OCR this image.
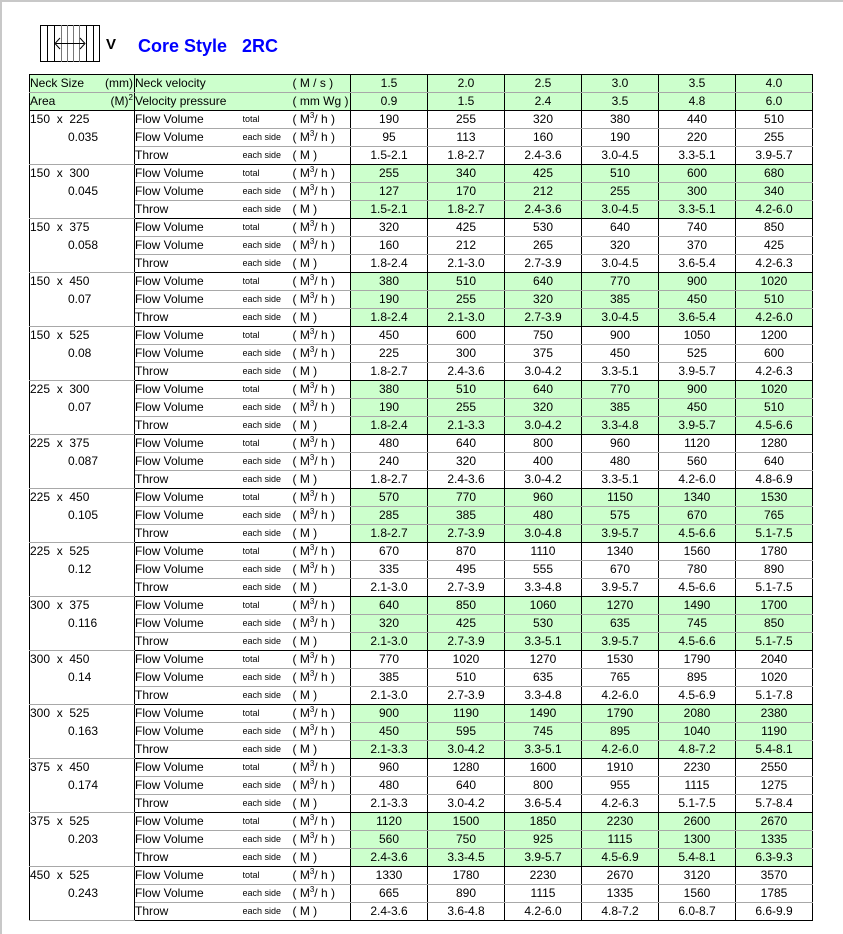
V Core Style   2RC
Neck Size (mm)	Neck velocity		( M / s )	1.5	2.0	2.5	3.0	3.5	4.0

Area $(M)^2$	Velocity pressure		( mm Wg )	0.9	1.5	2.4	3.5	4.8	6.0

150  x  225
0.035	Flow Volume	total	( $M^3/$ h )	190	255	320	380	440	510
	Flow Volume	each side	( $M^3/$ h )	95	113	160	190	220	255
	Throw	each side	( M )	1.5-2.1	1.8-2.7	2.4-3.6	3.0-4.5	3.3-5.1	3.9-5.7

150  x  300
0.045	Flow Volume	total	( $M^3/$ h )	255	340	425	510	600	680
	Flow Volume	each side	( $M^3/$ h )	127	170	212	255	300	340
	Throw	each side	( M )	1.5-2.1	1.8-2.7	2.4-3.6	3.0-4.5	3.3-5.1	4.2-6.0

150  x  375
0.058	Flow Volume	total	( $M^3/$ h )	320	425	530	640	740	850
	Flow Volume	each side	( $M^3/$ h )	160	212	265	320	370	425
	Throw	each side	( M )	1.8-2.4	2.1-3.0	2.7-3.9	3.0-4.5	3.6-5.4	4.2-6.3

150  x  450
0.07	Flow Volume	total	( $M^3/$ h )	380	510	640	770	900	1020
	Flow Volume	each side	( $M^3/$ h )	190	255	320	385	450	510
	Throw	each side	( M )	1.8-2.4	2.1-3.0	2.7-3.9	3.0-4.5	3.6-5.4	4.2-6.0

150  x  525
0.08	Flow Volume	total	( $M^3/$ h )	450	600	750	900	1050	1200
	Flow Volume	each side	( $M^3/$ h )	225	300	375	450	525	600
	Throw	each side	( M )	1.8-2.7	2.4-3.6	3.0-4.2	3.3-5.1	3.9-5.7	4.2-6.3

225  x  300
0.07	Flow Volume	total	( $M^3/$ h )	380	510	640	770	900	1020
	Flow Volume	each side	( $M^3/$ h )	190	255	320	385	450	510
	Throw	each side	( M )	1.8-2.4	2.1-3.3	3.0-4.2	3.3-4.8	3.9-5.7	4.5-6.6

225  x  375
0.087	Flow Volume	total	( $M^3/$ h )	480	640	800	960	1120	1280
	Flow Volume	each side	( $M^3/$ h )	240	320	400	480	560	640
	Throw	each side	( M )	1.8-2.7	2.4-3.6	3.0-4.2	3.3-5.1	4.2-6.0	4.8-6.9

225  x  450
0.105	Flow Volume	total	( $M^3/$ h )	570	770	960	1150	1340	1530
	Flow Volume	each side	( $M^3/$ h )	285	385	480	575	670	765
	Throw	each side	( M )	1.8-2.7	2.7-3.9	3.0-4.8	3.9-5.7	4.5-6.6	5.1-7.5

225  x  525
0.12	Flow Volume	total	( $M^3/$ h )	670	870	1110	1340	1560	1780
	Flow Volume	each side	( $M^3/$ h )	335	495	555	670	780	890
	Throw	each side	( M )	2.1-3.0	2.7-3.9	3.3-4.8	3.9-5.7	4.5-6.6	5.1-7.5

300  x  375
0.116	Flow Volume	total	( $M^3/$ h )	640	850	1060	1270	1490	1700
	Flow Volume	each side	( $M^3/$ h )	320	425	530	635	745	850
	Throw	each side	( M )	2.1-3.0	2.7-3.9	3.3-5.1	3.9-5.7	4.5-6.6	5.1-7.5

300  x  450
0.14	Flow Volume	total	( $M^3/$ h )	770	1020	1270	1530	1790	2040
	Flow Volume	each side	( $M^3/$ h )	385	510	635	765	895	1020
	Throw	each side	( M )	2.1-3.0	2.7-3.9	3.3-4.8	4.2-6.0	4.5-6.9	5.1-7.8

300  x  525
0.163	Flow Volume	total	( $M^3/$ h )	900	1190	1490	1790	2080	2380
	Flow Volume	each side	( $M^3/$ h )	450	595	745	895	1040	1190
	Throw	each side	( M )	2.1-3.3	3.0-4.2	3.3-5.1	4.2-6.0	4.8-7.2	5.4-8.1

375  x  450
0.174	Flow Volume	total	( $M^3/$ h )	960	1280	1600	1910	2230	2550
	Flow Volume	each side	( $M^3/$ h )	480	640	800	955	1115	1275
	Throw	each side	( M )	2.1-3.3	3.0-4.2	3.6-5.4	4.2-6.3	5.1-7.5	5.7-8.4

375  x  525
0.203	Flow Volume	total	( $M^3/$ h )	1120	1500	1850	2230	2600	2670
	Flow Volume	each side	( $M^3/$ h )	560	750	925	1115	1300	1335
	Throw	each side	( M )	2.4-3.6	3.3-4.5	3.9-5.7	4.5-6.9	5.4-8.1	6.3-9.3

450  x  525
0.243	Flow Volume	total	( $M^3/$ h )	1330	1780	2230	2670	3120	3570
	Flow Volume	each side	( $M^3/$ h )	665	890	1115	1335	1560	1785
	Throw	each side	( M )	2.4-3.6	3.6-4.8	4.2-6.0	4.8-7.2	6.0-8.7	6.6-9.9
